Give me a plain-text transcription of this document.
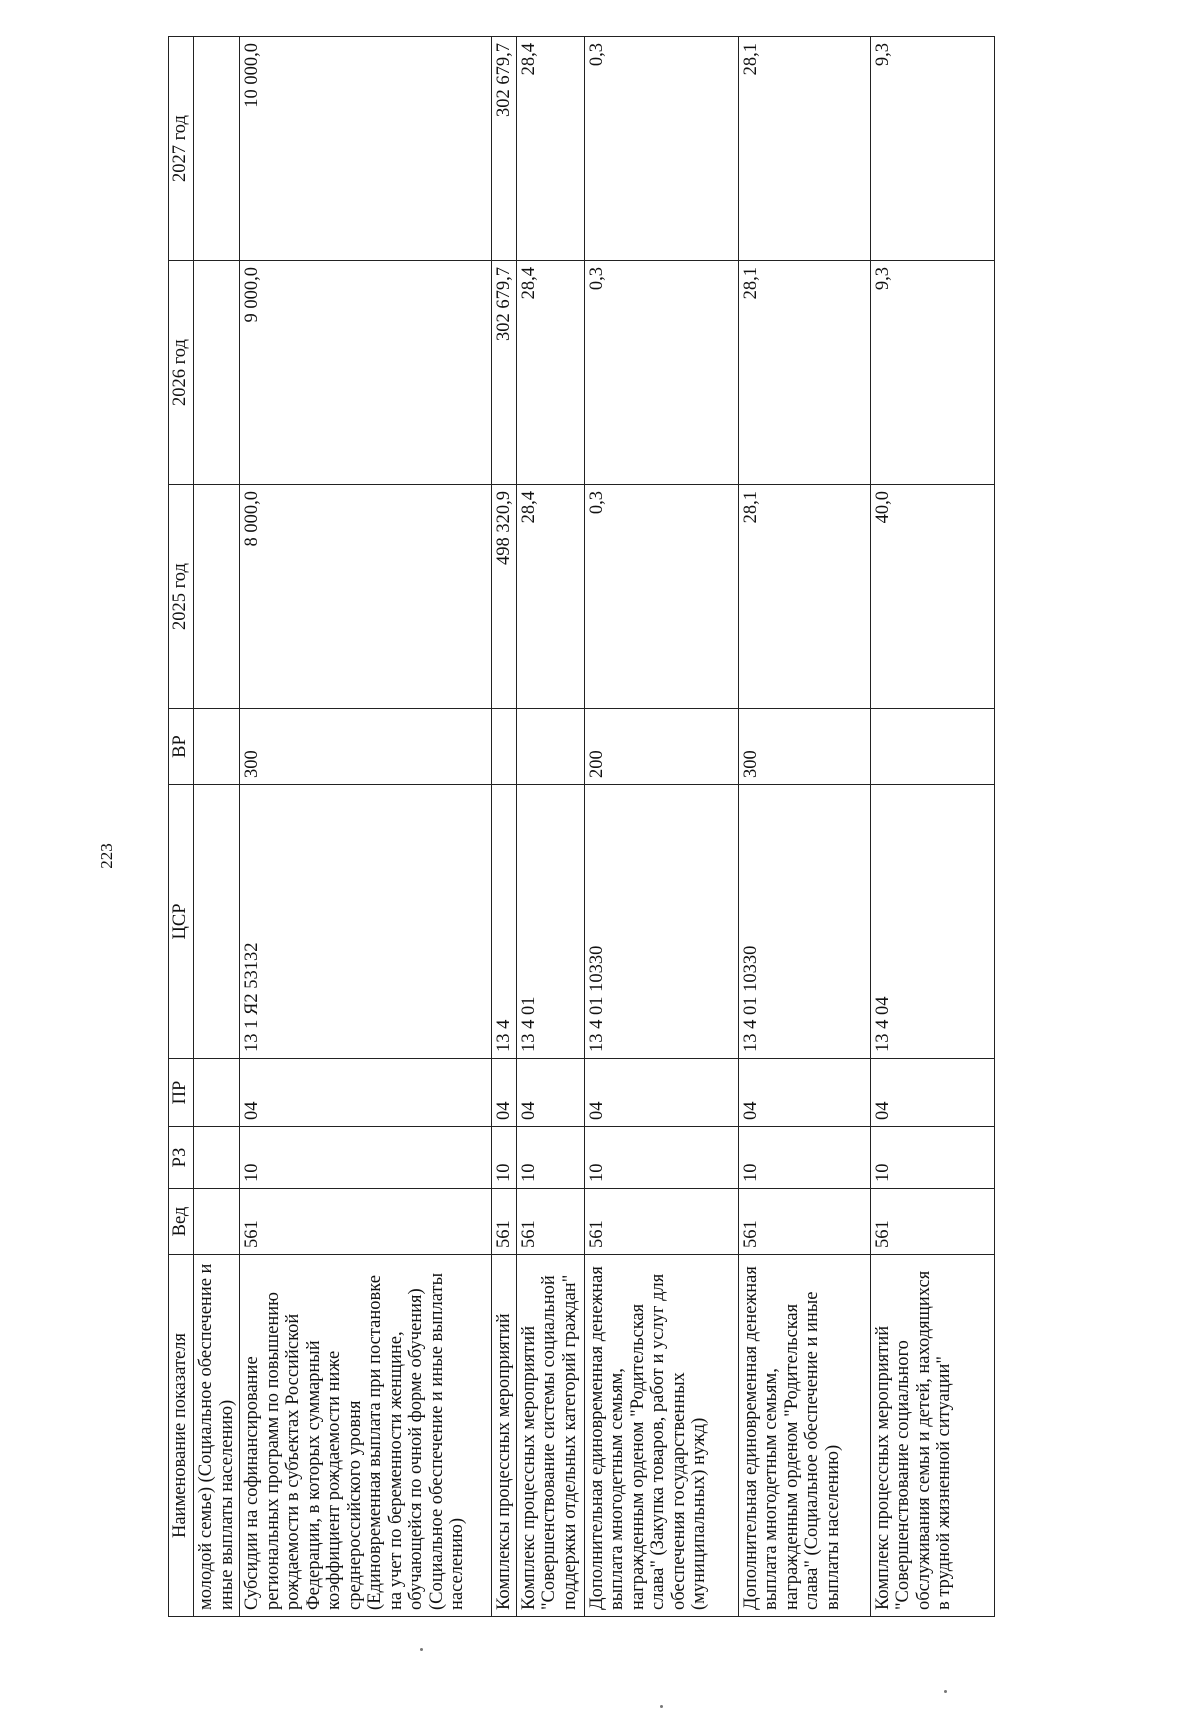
223
Наименование показателя	Вед	РЗ	ПР	ЦСР	ВР	2025 год	2026 год	2027 год
молодой семье) (Социальное обеспечение и иные выплаты населению)								
Субсидии на софинансирование региональных программ по повышению рождаемости в субъектах Российской Федерации, в которых суммарный коэффициент рождаемости ниже среднероссийского уровня (Единовременная выплата при постановке на учет по беременности женщине, обучающейся по очной форме обучения) (Социальное обеспечение и иные выплаты населению)	561	10	04	13 1 Я2 53132	300	8 000,0	9 000,0	10 000,0
Комплексы процессных мероприятий	561	10	04	13 4		498 320,9	302 679,7	302 679,7
Комплекс процессных мероприятий "Совершенствование системы социальной поддержки отдельных категорий граждан"	561	10	04	13 4 01		28,4	28,4	28,4
Дополнительная единовременная денежная выплата многодетным семьям, награжденным орденом "Родительская слава" (Закупка товаров, работ и услуг для обеспечения государственных (муниципальных) нужд)	561	10	04	13 4 01 10330	200	0,3	0,3	0,3
Дополнительная единовременная денежная выплата многодетным семьям, награжденным орденом "Родительская слава" (Социальное обеспечение и иные выплаты населению)	561	10	04	13 4 01 10330	300	28,1	28,1	28,1
Комплекс процессных мероприятий "Совершенствование социального обслуживания семьи и детей, находящихся в трудной жизненной ситуации"	561	10	04	13 4 04		40,0	9,3	9,3
